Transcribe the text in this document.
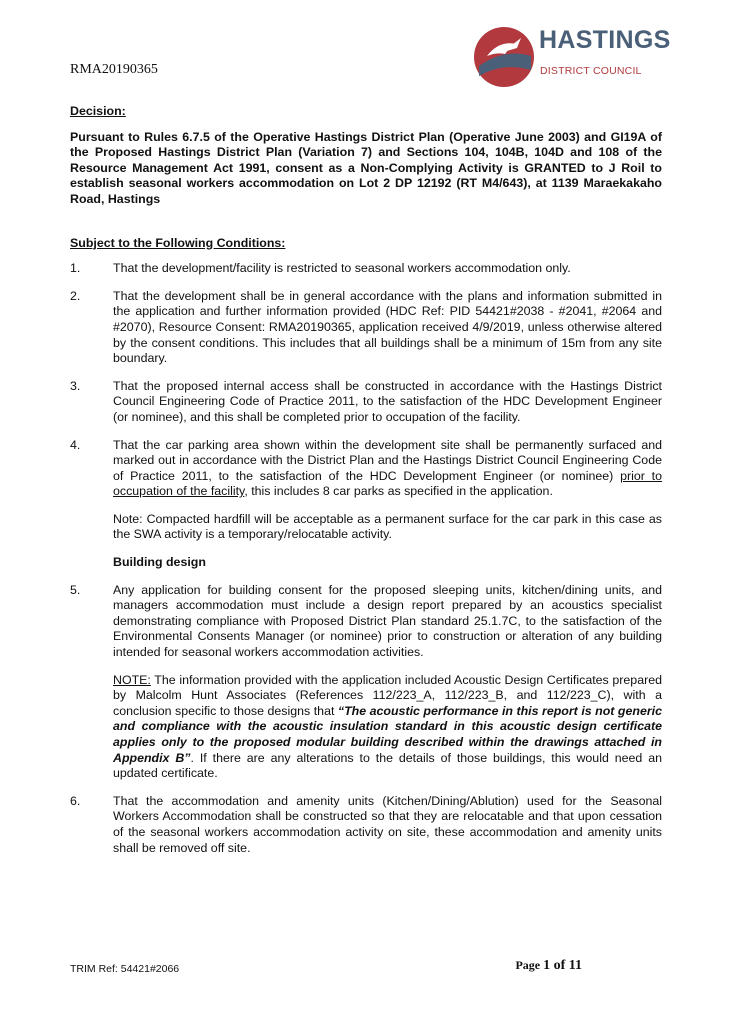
RMA20190365
HASTINGS
DISTRICT COUNCIL

Decision:

Pursuant to Rules 6.7.5 of the Operative Hastings District Plan (Operative June 2003) and GI19A of the Proposed Hastings District Plan (Variation 7) and Sections 104, 104B, 104D and 108 of the Resource Management Act 1991, consent as a Non-Complying Activity is GRANTED to J Roil to establish seasonal workers accommodation on Lot 2 DP 12192 (RT M4/643), at 1139 Maraekakaho Road, Hastings

Subject to the Following Conditions:

1.	That the development/facility is restricted to seasonal workers accommodation only.
2.	That the development shall be in general accordance with the plans and information submitted in the application and further information provided (HDC Ref: PID 54421#2038 - #2041, #2064 and #2070), Resource Consent: RMA20190365, application received 4/9/2019, unless otherwise altered by the consent conditions. This includes that all buildings shall be a minimum of 15m from any site boundary.
3.	That the proposed internal access shall be constructed in accordance with the Hastings District Council Engineering Code of Practice 2011, to the satisfaction of the HDC Development Engineer (or nominee), and this shall be completed prior to occupation of the facility.
4.	That the car parking area shown within the development site shall be permanently surfaced and marked out in accordance with the District Plan and the Hastings District Council Engineering Code of Practice 2011, to the satisfaction of the HDC Development Engineer (or nominee) prior to occupation of the facility, this includes 8 car parks as specified in the application.

Note: Compacted hardfill will be acceptable as a permanent surface for the car park in this case as the SWA activity is a temporary/relocatable activity.

Building design

5.	Any application for building consent for the proposed sleeping units, kitchen/dining units, and managers accommodation must include a design report prepared by an acoustics specialist demonstrating compliance with Proposed District Plan standard 25.1.7C, to the satisfaction of the Environmental Consents Manager (or nominee) prior to construction or alteration of any building intended for seasonal workers accommodation activities.

NOTE: The information provided with the application included Acoustic Design Certificates prepared by Malcolm Hunt Associates (References 112/223_A, 112/223_B, and 112/223_C), with a conclusion specific to those designs that “The acoustic performance in this report is not generic and compliance with the acoustic insulation standard in this acoustic design certificate applies only to the proposed modular building described within the drawings attached in Appendix B”. If there are any alterations to the details of those buildings, this would need an updated certificate.

6.	That the accommodation and amenity units (Kitchen/Dining/Ablution) used for the Seasonal Workers Accommodation shall be constructed so that they are relocatable and that upon cessation of the seasonal workers accommodation activity on site, these accommodation and amenity units shall be removed off site.
TRIM Ref: 54421#2066	Page 1 of 11
